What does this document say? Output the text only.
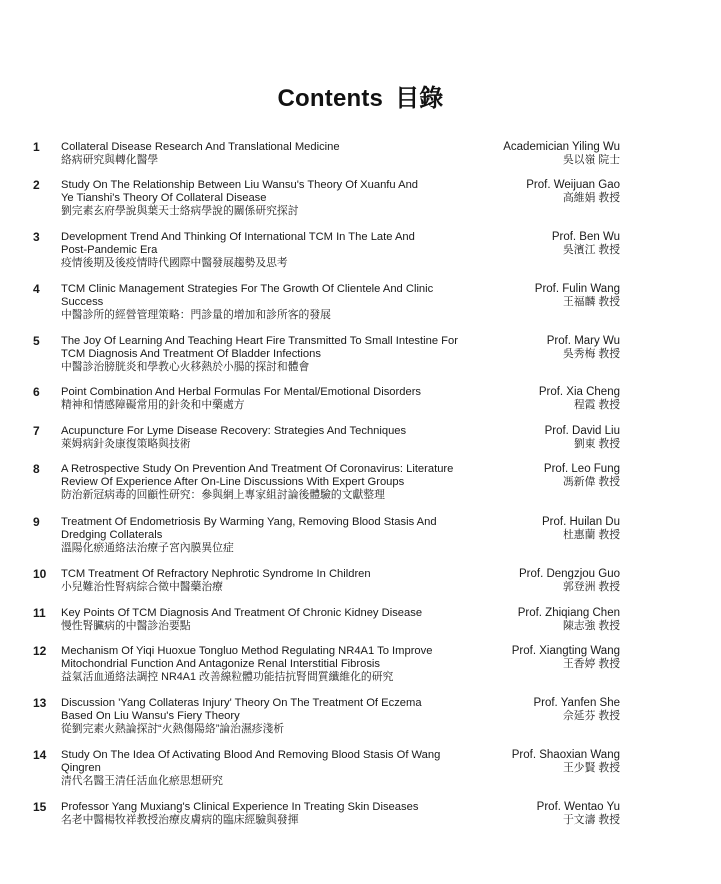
Contents 目錄
1 Collateral Disease Research And Translational Medicine
絡病研究與轉化醫學
Academician Yiling Wu
吳以嶺 院士
2 Study On The Relationship Between Liu Wansu's Theory Of Xuanfu And
Ye Tianshi's Theory Of Collateral Disease
劉完素玄府學說與葉天士絡病學說的關係研究探討
Prof. Weijuan Gao
高維娟 教授
3 Development Trend And Thinking Of International TCM In The Late And
Post-Pandemic Era
疫情後期及後疫情時代國際中醫發展趨勢及思考
Prof. Ben Wu
吳濱江 教授
4 TCM Clinic Management Strategies For The Growth Of Clientele And Clinic
Success
中醫診所的經營管理策略：門診量的增加和診所客的發展
Prof. Fulin Wang
王福麟 教授
5 The Joy Of Learning And Teaching Heart Fire Transmitted To Small Intestine For
TCM Diagnosis And Treatment Of Bladder Infections
中醫診治膀胱炎和學教心火移熱於小腸的探討和體會
Prof. Mary Wu
吳秀梅 教授
6 Point Combination And Herbal Formulas For Mental/Emotional Disorders
精神和情感障礙常用的針灸和中藥處方
Prof. Xia Cheng
程霞 教授
7 Acupuncture For Lyme Disease Recovery: Strategies And Techniques
萊姆病針灸康復策略與技術
Prof. David Liu
劉東 教授
8 A Retrospective Study On Prevention And Treatment Of Coronavirus: Literature
Review Of Experience After On-Line Discussions With Expert Groups
防治新冠病毒的回顧性研究：參與網上專家組討論後體驗的文獻整理
Prof. Leo Fung
馮新偉 教授
9 Treatment Of Endometriosis By Warming Yang, Removing Blood Stasis And
Dredging Collaterals
溫陽化瘀通絡法治療子宮內膜異位症
Prof. Huilan Du
杜惠蘭 教授
10 TCM Treatment Of Refractory Nephrotic Syndrome In Children
小兒難治性腎病綜合徵中醫藥治療
Prof. Dengzjou Guo
郭登洲 教授
11 Key Points Of TCM Diagnosis And Treatment Of Chronic Kidney Disease
慢性腎臟病的中醫診治要點
Prof. Zhiqiang Chen
陳志強 教授
12 Mechanism Of Yiqi Huoxue Tongluo Method Regulating NR4A1 To Improve
Mitochondrial Function And Antagonize Renal Interstitial Fibrosis
益氣活血通絡法調控 NR4A1 改善線粒體功能拮抗腎間質纖維化的研究
Prof. Xiangting Wang
王香婷 教授
13 Discussion 'Yang Collateras Injury' Theory On The Treatment Of Eczema
Based On Liu Wansu's Fiery Theory
從劉完素火熱論探討“火熱傷陽絡”論治濕疹淺析
Prof. Yanfen She
佘延芬 教授
14 Study On The Idea Of Activating Blood And Removing Blood Stasis Of Wang
Qingren
清代名醫王清任活血化瘀思想研究
Prof. Shaoxian Wang
王少賢 教授
15 Professor Yang Muxiang's Clinical Experience In Treating Skin Diseases
名老中醫楊牧祥教授治療皮膚病的臨床經驗與發揮
Prof. Wentao Yu
于文濤 教授
